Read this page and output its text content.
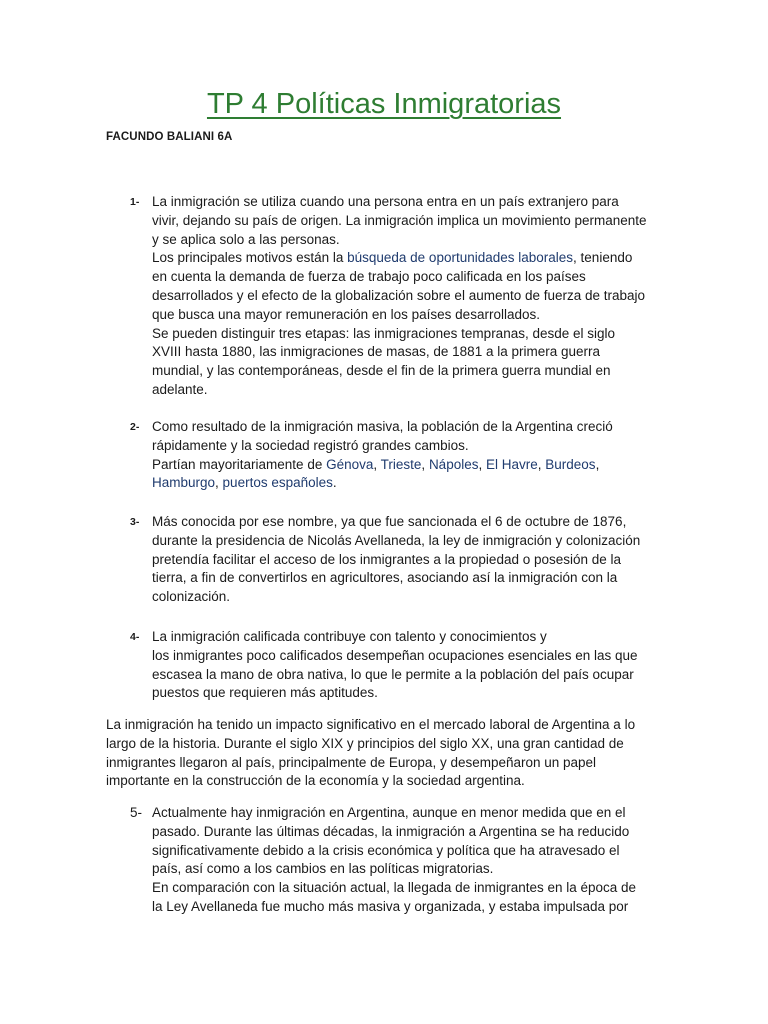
TP 4 Políticas Inmigratorias
FACUNDO BALIANI 6A
1- La inmigración se utiliza cuando una persona entra en un país extranjero para

vivir, dejando su país de origen. La inmigración implica un movimiento permanente

y se aplica solo a las personas.

Los principales motivos están la búsqueda de oportunidades laborales, teniendo

en cuenta la demanda de fuerza de trabajo poco calificada en los países

desarrollados y el efecto de la globalización sobre el aumento de fuerza de trabajo

que busca una mayor remuneración en los países desarrollados.

Se pueden distinguir tres etapas: las inmigraciones tempranas, desde el siglo

XVIII hasta 1880, las inmigraciones de masas, de 1881 a la primera guerra

mundial, y las contemporáneas, desde el fin de la primera guerra mundial en

adelante.

2- Como resultado de la inmigración masiva, la población de la Argentina creció

rápidamente y la sociedad registró grandes cambios.

Partían mayoritariamente de Génova, Trieste, Nápoles, El Havre, Burdeos,

Hamburgo, puertos españoles.

3- Más conocida por ese nombre, ya que fue sancionada el 6 de octubre de 1876,

durante la presidencia de Nicolás Avellaneda, la ley de inmigración y colonización

pretendía facilitar el acceso de los inmigrantes a la propiedad o posesión de la

tierra, a fin de convertirlos en agricultores, asociando así la inmigración con la

colonización.

4- La inmigración calificada contribuye con talento y conocimientos y

los inmigrantes poco calificados desempeñan ocupaciones esenciales en las que

escasea la mano de obra nativa, lo que le permite a la población del país ocupar

puestos que requieren más aptitudes.

La inmigración ha tenido un impacto significativo en el mercado laboral de Argentina a lo

largo de la historia. Durante el siglo XIX y principios del siglo XX, una gran cantidad de

inmigrantes llegaron al país, principalmente de Europa, y desempeñaron un papel

importante en la construcción de la economía y la sociedad argentina.

5- Actualmente hay inmigración en Argentina, aunque en menor medida que en el

pasado. Durante las últimas décadas, la inmigración a Argentina se ha reducido

significativamente debido a la crisis económica y política que ha atravesado el

país, así como a los cambios en las políticas migratorias.

En comparación con la situación actual, la llegada de inmigrantes en la época de

la Ley Avellaneda fue mucho más masiva y organizada, y estaba impulsada por
